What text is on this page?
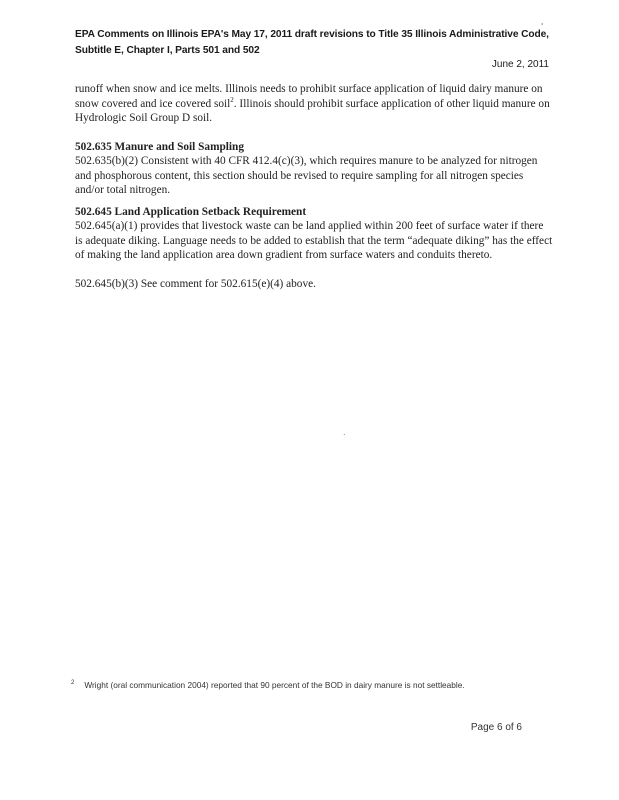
'
EPA Comments on Illinois EPA's May 17, 2011 draft revisions to Title 35 Illinois Administrative Code,
Subtitle E, Chapter I, Parts 501 and 502
June 2, 2011

runoff when snow and ice melts. Illinois needs to prohibit surface application of liquid dairy manure on snow covered and ice covered soil$^2$. Illinois should prohibit surface application of other liquid manure on Hydrologic Soil Group D soil.

502.635 Manure and Soil Sampling

502.635(b)(2) Consistent with 40 CFR 412.4(c)(3), which requires manure to be analyzed for nitrogen and phosphorous content, this section should be revised to require sampling for all nitrogen species and/or total nitrogen.

502.645 Land Application Setback Requirement

502.645(a)(1) provides that livestock waste can be land applied within 200 feet of surface water if there is adequate diking. Language needs to be added to establish that the term “adequate diking” has the effect of making the land application area down gradient from surface waters and conduits thereto.

502.645(b)(3) See comment for 502.615(e)(4) above.

.
$^2$ Wright (oral communication 2004) reported that 90 percent of the BOD in dairy manure is not settleable.
Page 6 of 6
